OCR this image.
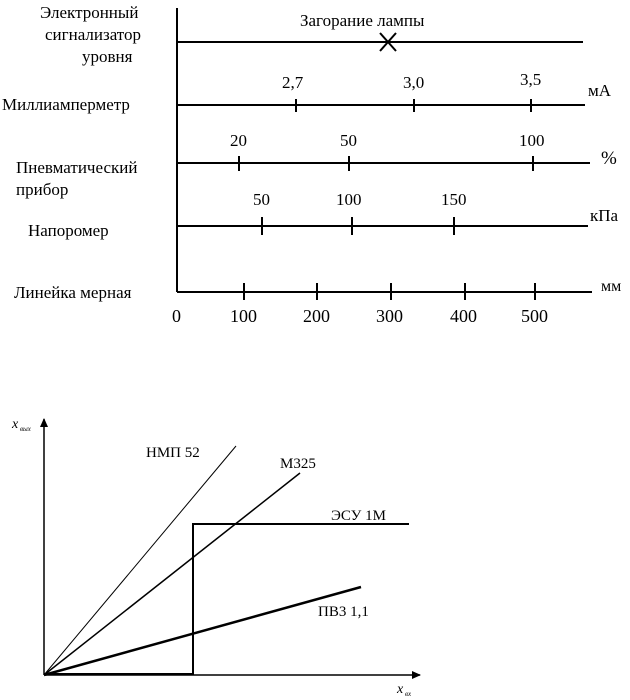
Электронный сигнализатор уровня
Миллиамперметр
Пневматический прибор
Напоромер
Линейка мерная
Загорание лампы
2,7	3,0	3,5
мА
20	50	100
%
50	100	150
кПа
мм
0	100	200	300	400 500
x вых
x вх
НМП 52
М325
ЭСУ 1М
ПВ3 1,1
